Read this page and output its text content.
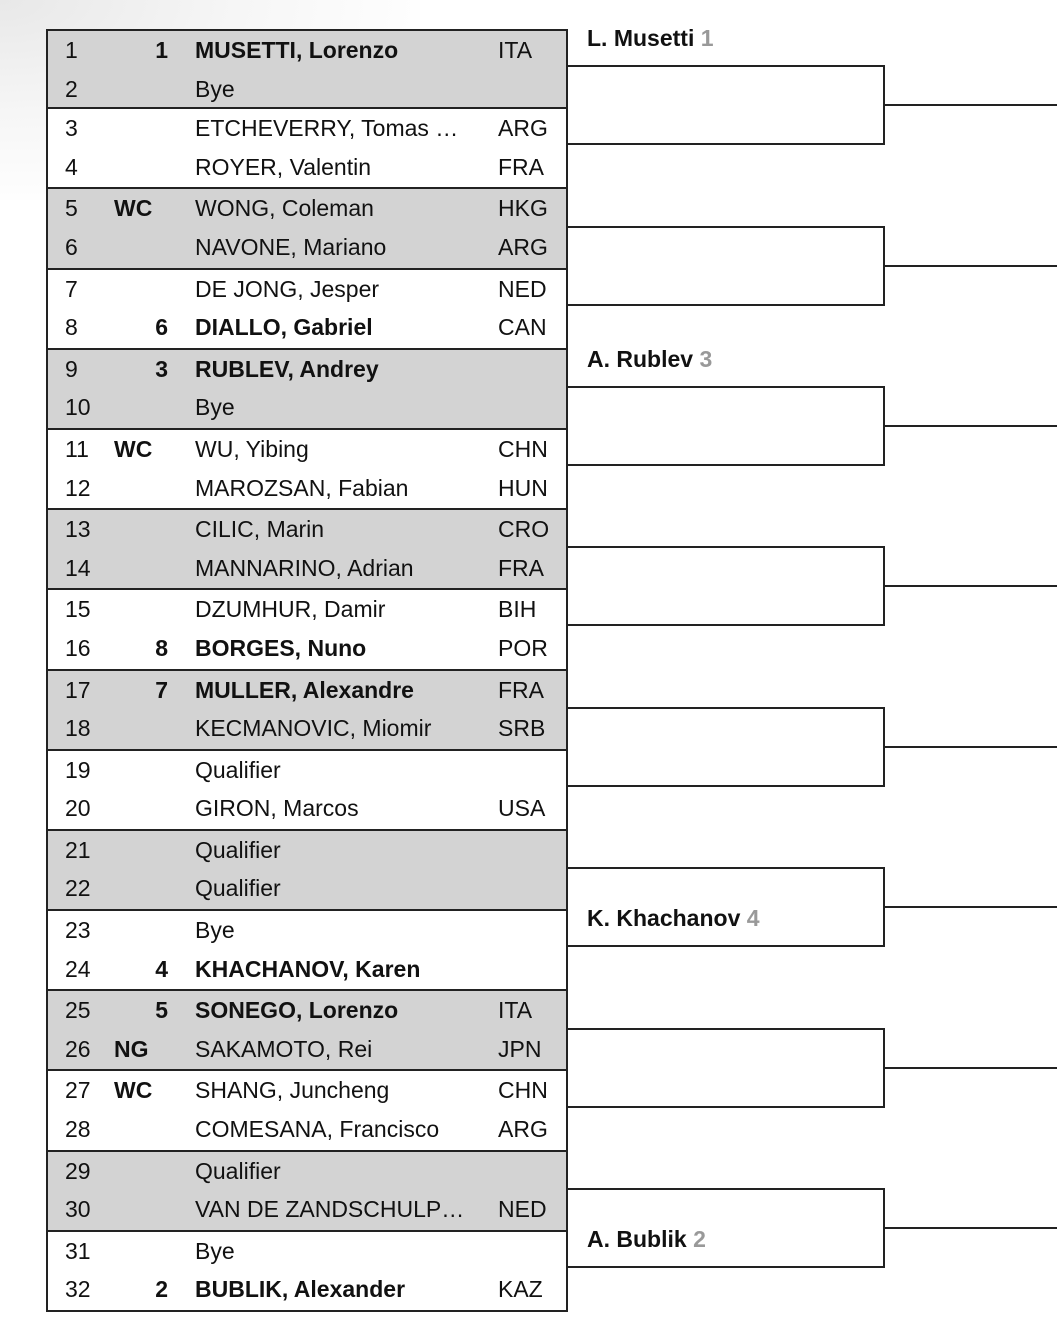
1	1 MUSETTI, Lorenzo	ITA
2	Bye
3	ETCHEVERRY, Tomas …	ARG
4	ROYER, Valentin	FRA
5 WC	WONG, Coleman	HKG
6	NAVONE, Mariano	ARG
7	DE JONG, Jesper	NED
8	6 DIALLO, Gabriel	CAN
9	3 RUBLEV, Andrey
10	Bye
11 WC	WU, Yibing	CHN
12	MAROZSAN, Fabian	HUN
13	CILIC, Marin	CRO
14	MANNARINO, Adrian	FRA
15	DZUMHUR, Damir	BIH
16	8 BORGES, Nuno	POR
17	7 MULLER, Alexandre	FRA
18	KECMANOVIC, Miomir	SRB
19	Qualifier
20	GIRON, Marcos	USA
21	Qualifier
22	Qualifier
23	Bye
24	4 KHACHANOV, Karen
25	5 SONEGO, Lorenzo	ITA
26 NG	SAKAMOTO, Rei	JPN
27 WC	SHANG, Juncheng	CHN
28	COMESANA, Francisco	ARG
29	Qualifier
30	VAN DE ZANDSCHULP…	NED
31	Bye
32	2 BUBLIK, Alexander	KAZ
L. Musetti 1
A. Rublev 3
K. Khachanov 4
A. Bublik 2
